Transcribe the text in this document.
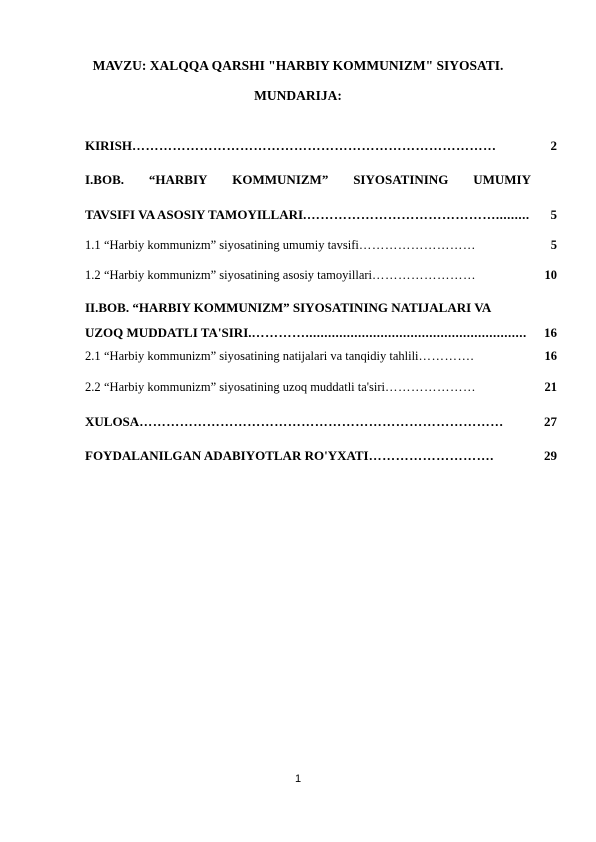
MAVZU: XALQQA QARSHI "HARBIY KOMMUNIZM" SIYOSATI.
MUNDARIJA:
KIRISH ………………………………………………………………………	2
I.BOB. “HARBIY KOMMUNIZM” SIYOSATINING UMUMIY
TAVSIFI VA ASOSIY TAMOYILLARI .…………………………………….........	5
1.1 “Harbiy kommunizm” siyosatining umumiy tavsifi ………………………	5
1.2 “Harbiy kommunizm” siyosatining asosiy tamoyillari ……………………	10
II.BOB. “HARBIY KOMMUNIZM” SIYOSATINING NATIJALARI VA
UZOQ MUDDATLI TA'SIRI. …………...........................................................	16
2.1 “Harbiy kommunizm” siyosatining natijalari va tanqidiy tahlili ………….	16
2.2 “Harbiy kommunizm” siyosatining uzoq muddatli ta'siri …………………	21
XULOSA ………………………………………………………………………	27
FOYDALANILGAN ADABIYOTLAR RO'YXATI ……………………….	29
1
